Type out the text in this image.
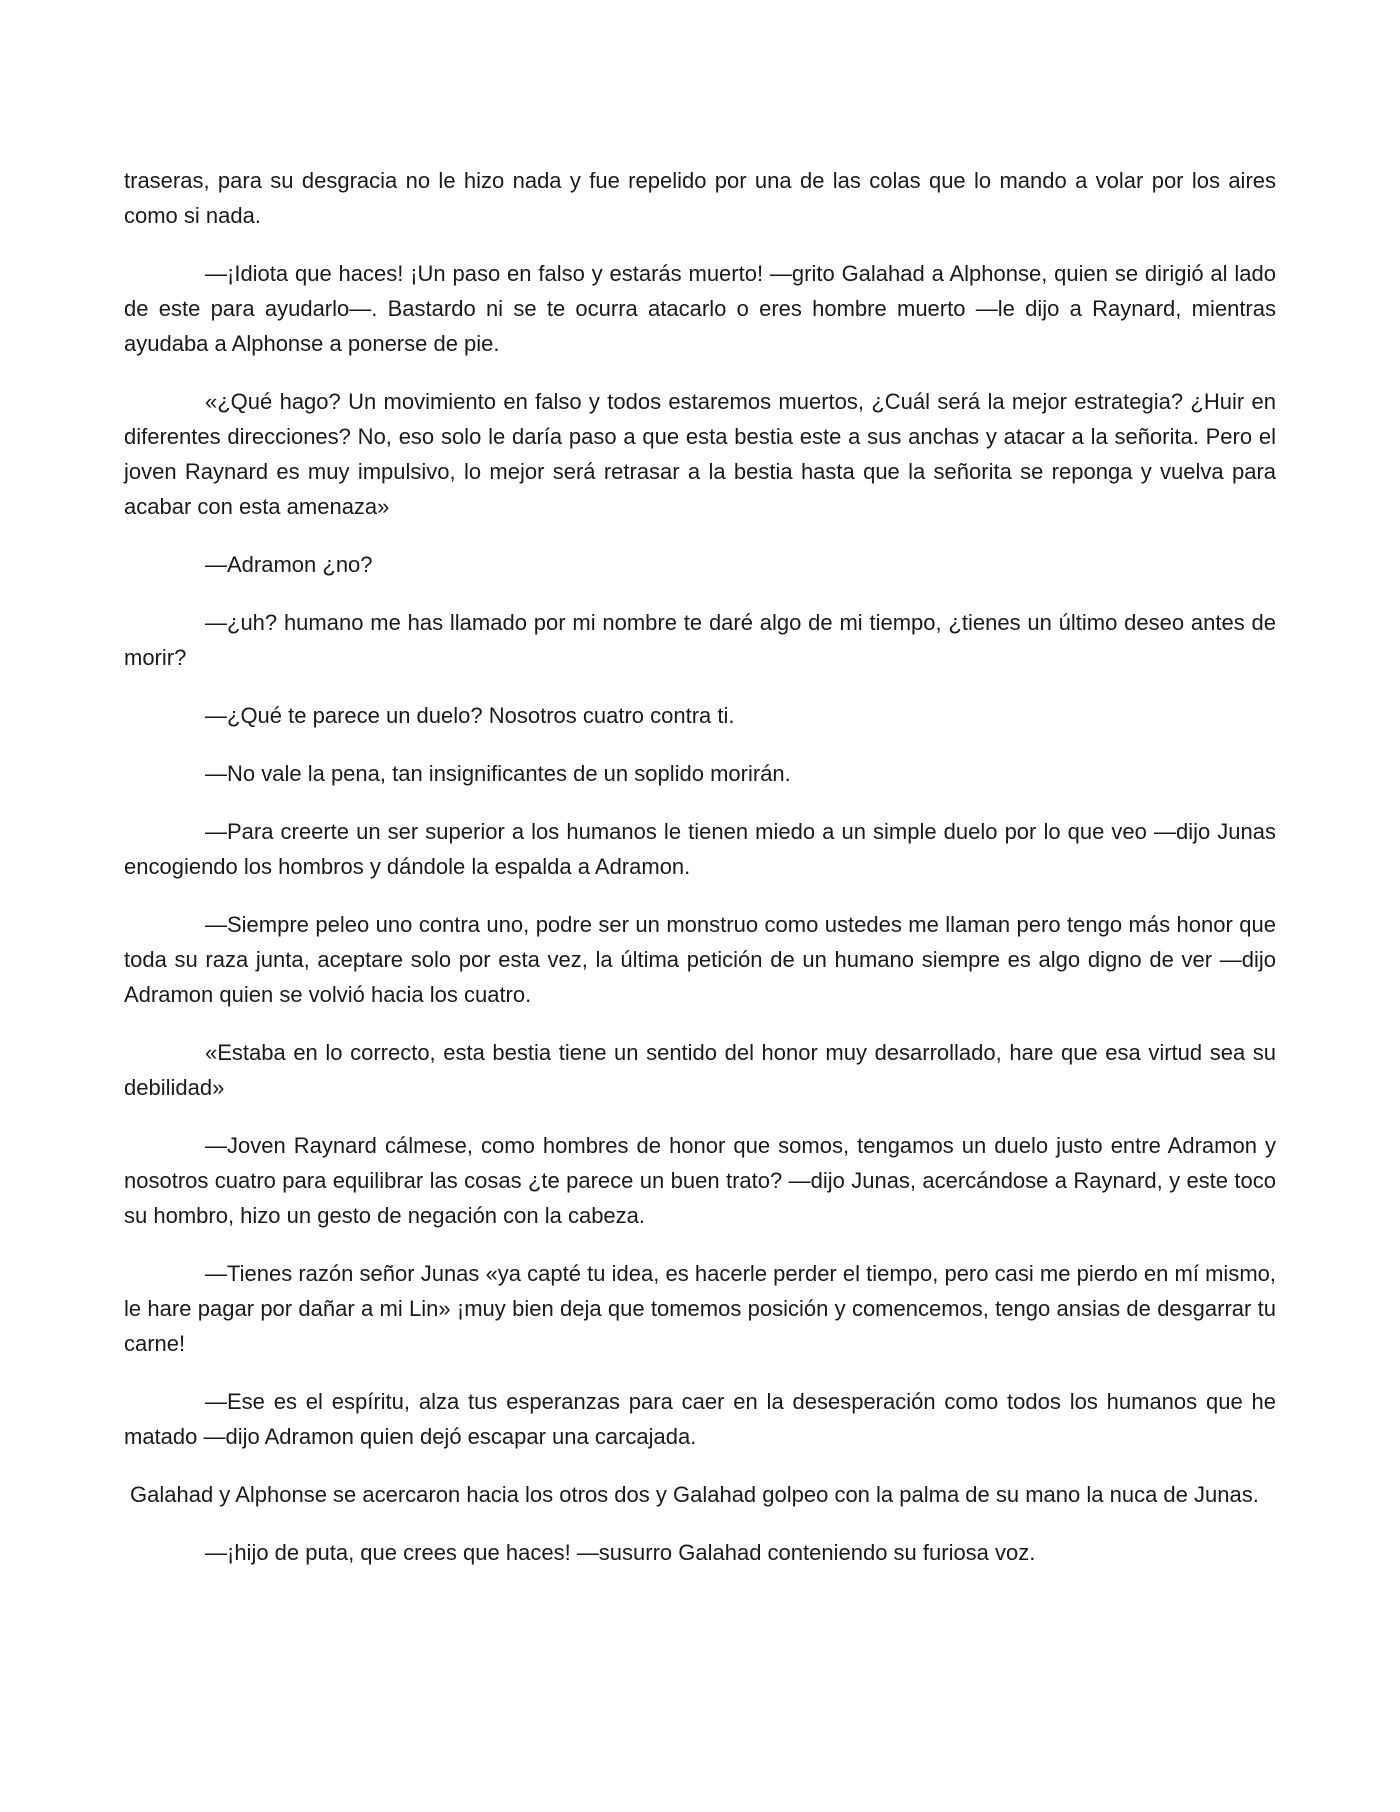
traseras, para su desgracia no le hizo nada y fue repelido por una de las colas que lo mando a volar por los aires como si nada.

—¡Idiota que haces! ¡Un paso en falso y estarás muerto! —grito Galahad a Alphonse, quien se dirigió al lado de este para ayudarlo—. Bastardo ni se te ocurra atacarlo o eres hombre muerto —le dijo a Raynard, mientras ayudaba a Alphonse a ponerse de pie.

«¿Qué hago? Un movimiento en falso y todos estaremos muertos, ¿Cuál será la mejor estrategia? ¿Huir en diferentes direcciones? No, eso solo le daría paso a que esta bestia este a sus anchas y atacar a la señorita. Pero el joven Raynard es muy impulsivo, lo mejor será retrasar a la bestia hasta que la señorita se reponga y vuelva para acabar con esta amenaza»

—Adramon ¿no?

—¿uh? humano me has llamado por mi nombre te daré algo de mi tiempo, ¿tienes un último deseo antes de morir?

—¿Qué te parece un duelo? Nosotros cuatro contra ti.

—No vale la pena, tan insignificantes de un soplido morirán.

—Para creerte un ser superior a los humanos le tienen miedo a un simple duelo por lo que veo —dijo Junas encogiendo los hombros y dándole la espalda a Adramon.

—Siempre peleo uno contra uno, podre ser un monstruo como ustedes me llaman pero tengo más honor que toda su raza junta, aceptare solo por esta vez, la última petición de un humano siempre es algo digno de ver —dijo Adramon quien se volvió hacia los cuatro.

«Estaba en lo correcto, esta bestia tiene un sentido del honor muy desarrollado, hare que esa virtud sea su debilidad»

—Joven Raynard cálmese, como hombres de honor que somos, tengamos un duelo justo entre Adramon y nosotros cuatro para equilibrar las cosas ¿te parece un buen trato? —dijo Junas, acercándose a Raynard, y este toco su hombro, hizo un gesto de negación con la cabeza.

—Tienes razón señor Junas «ya capté tu idea, es hacerle perder el tiempo, pero casi me pierdo en mí mismo, le hare pagar por dañar a mi Lin» ¡muy bien deja que tomemos posición y comencemos, tengo ansias de desgarrar tu carne!

—Ese es el espíritu, alza tus esperanzas para caer en la desesperación como todos los humanos que he matado —dijo Adramon quien dejó escapar una carcajada.

Galahad y Alphonse se acercaron hacia los otros dos y Galahad golpeo con la palma de su mano la nuca de Junas.

—¡hijo de puta, que crees que haces! —susurro Galahad conteniendo su furiosa voz.
